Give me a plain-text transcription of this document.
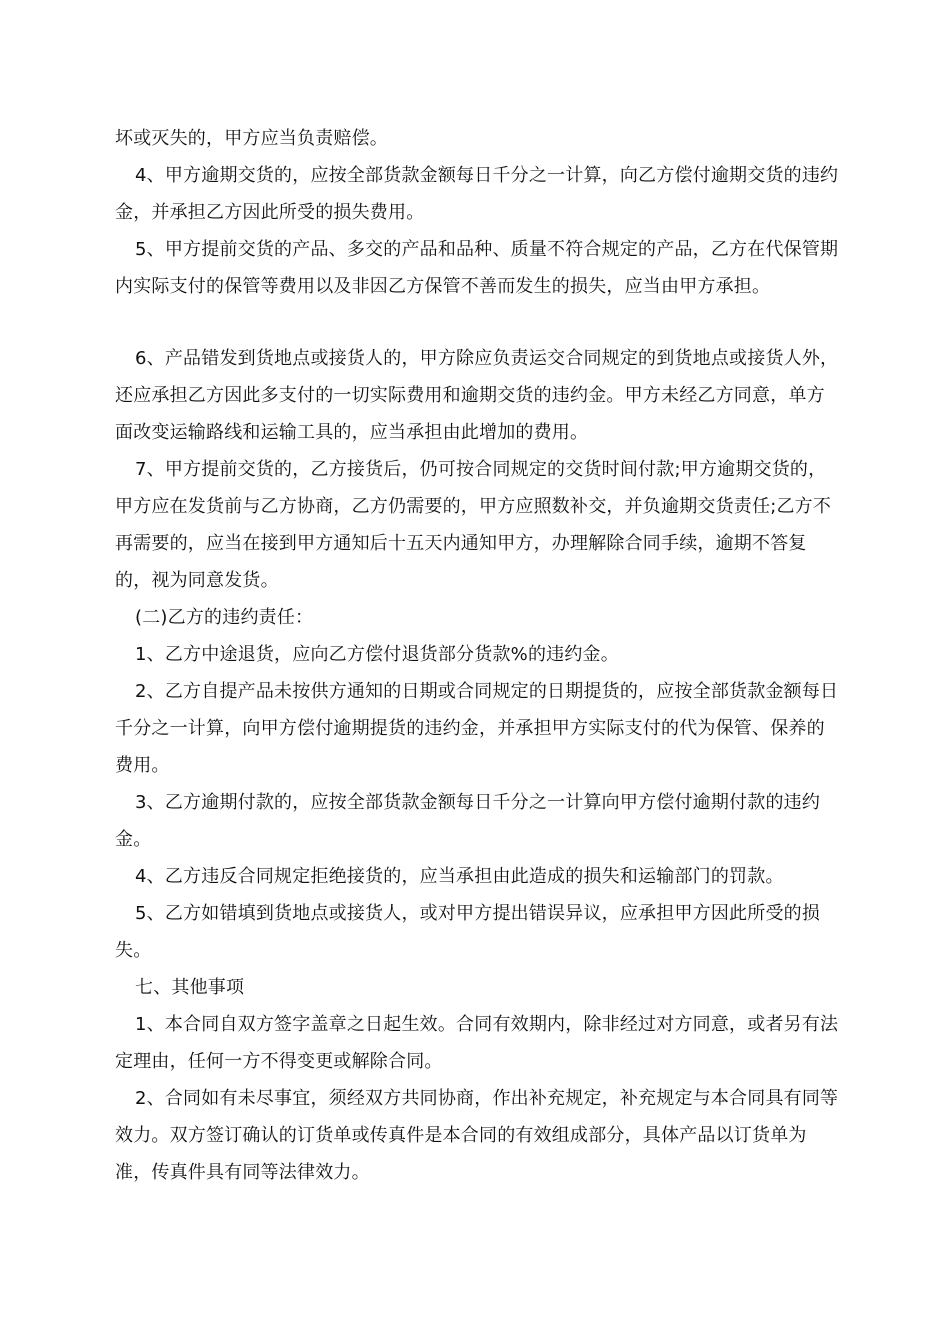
坏或灭失的，甲方应当负责赔偿。

4、甲方逾期交货的，应按全部货款金额每日千分之一计算，向乙方偿付逾期交货的违约金，并承担乙方因此所受的损失费用。

5、甲方提前交货的产品、多交的产品和品种、质量不符合规定的产品，乙方在代保管期内实际支付的保管等费用以及非因乙方保管不善而发生的损失，应当由甲方承担。

6、产品错发到货地点或接货人的，甲方除应负责运交合同规定的到货地点或接货人外，还应承担乙方因此多支付的一切实际费用和逾期交货的违约金。甲方未经乙方同意，单方面改变运输路线和运输工具的，应当承担由此增加的费用。

7、甲方提前交货的，乙方接货后，仍可按合同规定的交货时间付款;甲方逾期交货的，甲方应在发货前与乙方协商，乙方仍需要的，甲方应照数补交，并负逾期交货责任;乙方不再需要的，应当在接到甲方通知后十五天内通知甲方，办理解除合同手续，逾期不答复的，视为同意发货。

(二)乙方的违约责任：

1、乙方中途退货，应向乙方偿付退货部分货款%的违约金。

2、乙方自提产品未按供方通知的日期或合同规定的日期提货的，应按全部货款金额每日千分之一计算，向甲方偿付逾期提货的违约金，并承担甲方实际支付的代为保管、保养的费用。

3、乙方逾期付款的，应按全部货款金额每日千分之一计算向甲方偿付逾期付款的违约金。

4、乙方违反合同规定拒绝接货的，应当承担由此造成的损失和运输部门的罚款。

5、乙方如错填到货地点或接货人，或对甲方提出错误异议，应承担甲方因此所受的损失。

七、其他事项

1、本合同自双方签字盖章之日起生效。合同有效期内，除非经过对方同意，或者另有法定理由，任何一方不得变更或解除合同。

2、合同如有未尽事宜，须经双方共同协商，作出补充规定，补充规定与本合同具有同等效力。双方签订确认的订货单或传真件是本合同的有效组成部分，具体产品以订货单为准，传真件具有同等法律效力。
